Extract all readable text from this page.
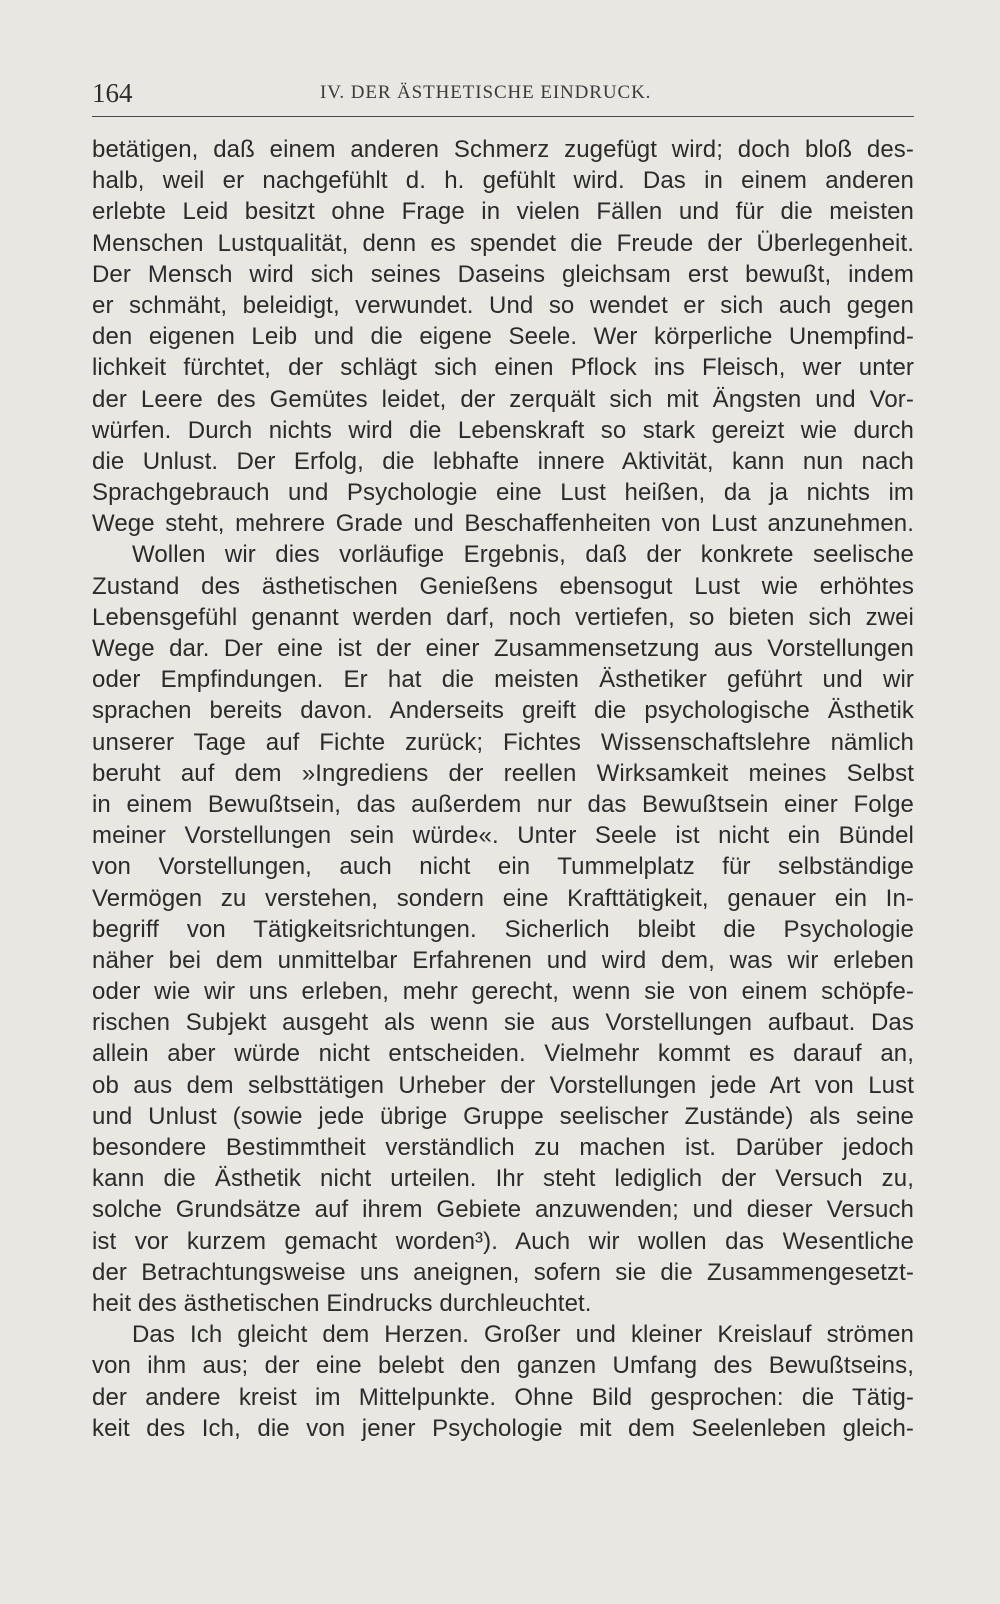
164	IV. DER ÄSTHETISCHE EINDRUCK.
betätigen, daß einem anderen Schmerz zugefügt wird; doch bloß des-
halb, weil er nachgefühlt d. h. gefühlt wird. Das in einem anderen
erlebte Leid besitzt ohne Frage in vielen Fällen und für die meisten
Menschen Lustqualität, denn es spendet die Freude der Überlegenheit.
Der Mensch wird sich seines Daseins gleichsam erst bewußt, indem
er schmäht, beleidigt, verwundet. Und so wendet er sich auch gegen
den eigenen Leib und die eigene Seele. Wer körperliche Unempfind-
lichkeit fürchtet, der schlägt sich einen Pflock ins Fleisch, wer unter
der Leere des Gemütes leidet, der zerquält sich mit Ängsten und Vor-
würfen. Durch nichts wird die Lebenskraft so stark gereizt wie durch
die Unlust. Der Erfolg, die lebhafte innere Aktivität, kann nun nach
Sprachgebrauch und Psychologie eine Lust heißen, da ja nichts im
Wege steht, mehrere Grade und Beschaffenheiten von Lust anzunehmen.
Wollen wir dies vorläufige Ergebnis, daß der konkrete seelische
Zustand des ästhetischen Genießens ebensogut Lust wie erhöhtes
Lebensgefühl genannt werden darf, noch vertiefen, so bieten sich zwei
Wege dar. Der eine ist der einer Zusammensetzung aus Vorstellungen
oder Empfindungen. Er hat die meisten Ästhetiker geführt und wir
sprachen bereits davon. Anderseits greift die psychologische Ästhetik
unserer Tage auf Fichte zurück; Fichtes Wissenschaftslehre nämlich
beruht auf dem »Ingrediens der reellen Wirksamkeit meines Selbst
in einem Bewußtsein, das außerdem nur das Bewußtsein einer Folge
meiner Vorstellungen sein würde«. Unter Seele ist nicht ein Bündel
von Vorstellungen, auch nicht ein Tummelplatz für selbständige
Vermögen zu verstehen, sondern eine Krafttätigkeit, genauer ein In-
begriff von Tätigkeitsrichtungen. Sicherlich bleibt die Psychologie
näher bei dem unmittelbar Erfahrenen und wird dem, was wir erleben
oder wie wir uns erleben, mehr gerecht, wenn sie von einem schöpfe-
rischen Subjekt ausgeht als wenn sie aus Vorstellungen aufbaut. Das
allein aber würde nicht entscheiden. Vielmehr kommt es darauf an,
ob aus dem selbsttätigen Urheber der Vorstellungen jede Art von Lust
und Unlust (sowie jede übrige Gruppe seelischer Zustände) als seine
besondere Bestimmtheit verständlich zu machen ist. Darüber jedoch
kann die Ästhetik nicht urteilen. Ihr steht lediglich der Versuch zu,
solche Grundsätze auf ihrem Gebiete anzuwenden; und dieser Versuch
ist vor kurzem gemacht worden³). Auch wir wollen das Wesentliche
der Betrachtungsweise uns aneignen, sofern sie die Zusammengesetzt-
heit des ästhetischen Eindrucks durchleuchtet.
Das Ich gleicht dem Herzen. Großer und kleiner Kreislauf strömen
von ihm aus; der eine belebt den ganzen Umfang des Bewußtseins,
der andere kreist im Mittelpunkte. Ohne Bild gesprochen: die Tätig-
keit des Ich, die von jener Psychologie mit dem Seelenleben gleich-
